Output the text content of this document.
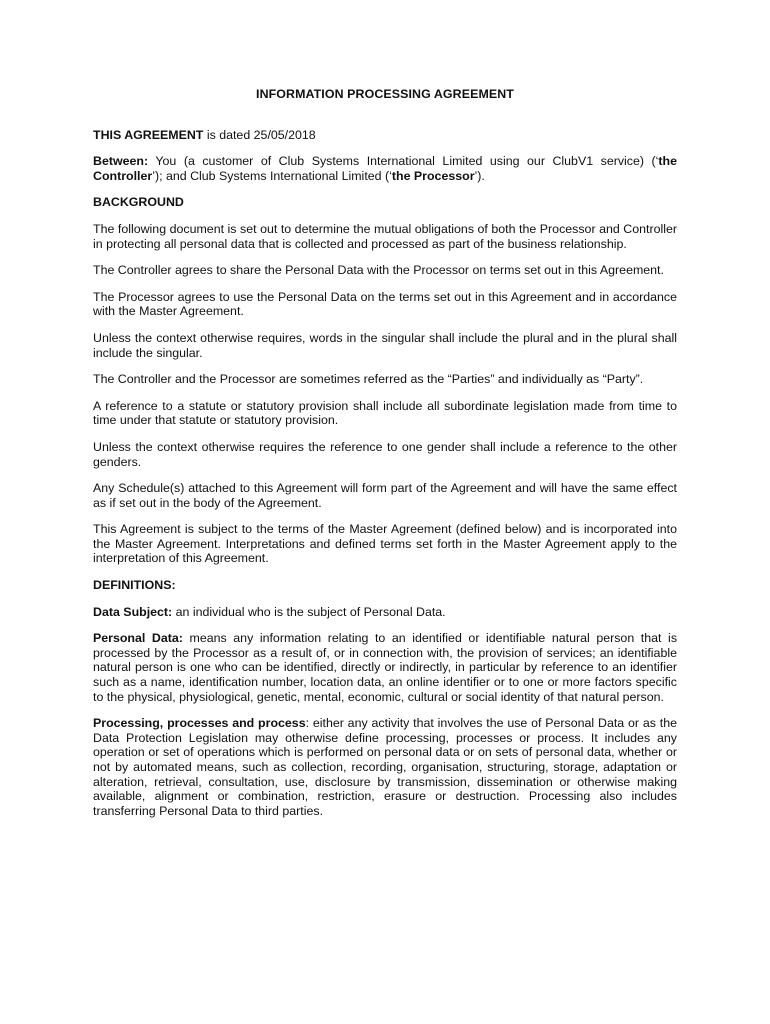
INFORMATION PROCESSING AGREEMENT

THIS AGREEMENT is dated 25/05/2018

Between: You (a customer of Club Systems International Limited using our ClubV1 service) (‘the Controller’); and Club Systems International Limited (‘the Processor’).

BACKGROUND

The following document is set out to determine the mutual obligations of both the Processor and Controller in protecting all personal data that is collected and processed as part of the business relationship.

The Controller agrees to share the Personal Data with the Processor on terms set out in this Agreement.

The Processor agrees to use the Personal Data on the terms set out in this Agreement and in accordance with the Master Agreement.

Unless the context otherwise requires, words in the singular shall include the plural and in the plural shall include the singular.

The Controller and the Processor are sometimes referred as the “Parties” and individually as “Party”.

A reference to a statute or statutory provision shall include all subordinate legislation made from time to time under that statute or statutory provision.

Unless the context otherwise requires the reference to one gender shall include a reference to the other genders.

Any Schedule(s) attached to this Agreement will form part of the Agreement and will have the same effect as if set out in the body of the Agreement.

This Agreement is subject to the terms of the Master Agreement (defined below) and is incorporated into the Master Agreement. Interpretations and defined terms set forth in the Master Agreement apply to the interpretation of this Agreement.

DEFINITIONS:

Data Subject: an individual who is the subject of Personal Data.

Personal Data: means any information relating to an identified or identifiable natural person that is processed by the Processor as a result of, or in connection with, the provision of services; an identifiable natural person is one who can be identified, directly or indirectly, in particular by reference to an identifier such as a name, identification number, location data, an online identifier or to one or more factors specific to the physical, physiological, genetic, mental, economic, cultural or social identity of that natural person.

Processing, processes and process: either any activity that involves the use of Personal Data or as the Data Protection Legislation may otherwise define processing, processes or process. It includes any operation or set of operations which is performed on personal data or on sets of personal data, whether or not by automated means, such as collection, recording, organisation, structuring, storage, adaptation or alteration, retrieval, consultation, use, disclosure by transmission, dissemination or otherwise making available, alignment or combination, restriction, erasure or destruction. Processing also includes transferring Personal Data to third parties.
